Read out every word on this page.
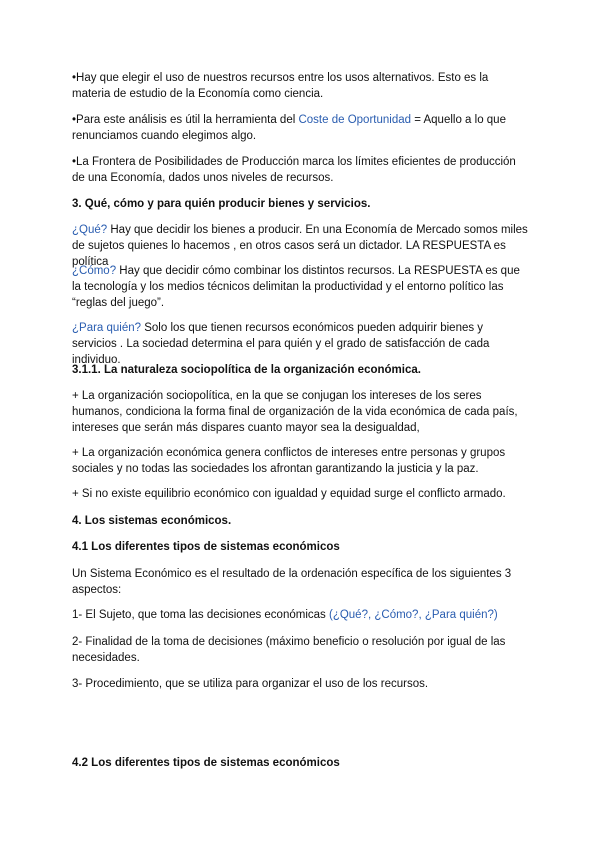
•Hay que elegir el uso de nuestros recursos entre los usos alternativos. Esto es la materia de estudio de la Economía como ciencia.

•Para este análisis es útil la herramienta del Coste de Oportunidad = Aquello a lo que renunciamos cuando elegimos algo.

•La Frontera de Posibilidades de Producción marca los límites eficientes de producción de una Economía, dados unos niveles de recursos.

3. Qué, cómo y para quién producir bienes y servicios.

¿Qué? Hay que decidir los bienes a producir. En una Economía de Mercado somos miles de sujetos quienes lo hacemos , en otros casos será un dictador. LA RESPUESTA es política

¿Cómo? Hay que decidir cómo combinar los distintos recursos. La RESPUESTA es que la tecnología y los medios técnicos delimitan la productividad y el entorno político las “reglas del juego”.

¿Para quién? Solo los que tienen recursos económicos pueden adquirir bienes y servicios . La sociedad determina el para quién y el grado de satisfacción de cada individuo.

3.1.1. La naturaleza sociopolítica de la organización económica.

+ La organización sociopolítica, en la que se conjugan los intereses de los seres humanos, condiciona la forma final de organización de la vida económica de cada país, intereses que serán más dispares cuanto mayor sea la desigualdad,

+ La organización económica genera conflictos de intereses entre personas y grupos sociales y no todas las sociedades los afrontan garantizando la justicia y la paz.

+ Si no existe equilibrio económico con igualdad y equidad surge el conflicto armado.

4. Los sistemas económicos.

4.1 Los diferentes tipos de sistemas económicos

Un Sistema Económico es el resultado de la ordenación específica de los siguientes 3 aspectos:

1- El Sujeto, que toma las decisiones económicas (¿Qué?, ¿Cómo?, ¿Para quién?)

2- Finalidad de la toma de decisiones (máximo beneficio o resolución por igual de las necesidades.

3- Procedimiento, que se utiliza para organizar el uso de los recursos.

4.2 Los diferentes tipos de sistemas económicos
